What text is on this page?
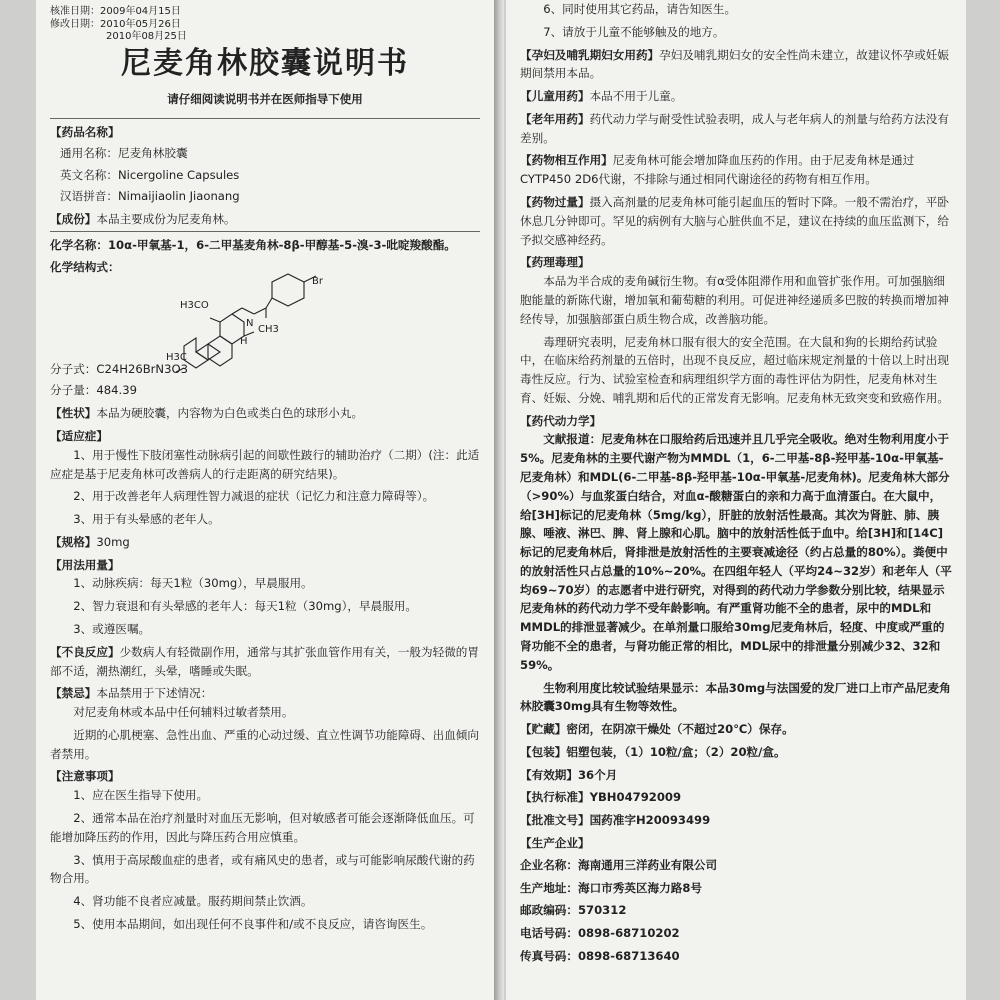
核准日期：2009年04月15日
修改日期：2010年05月26日
2010年08月25日
尼麦角林胶囊说明书
请仔细阅读说明书并在医师指导下使用
【药品名称】
通用名称：尼麦角林胶囊
英文名称：Nicergoline Capsules
汉语拼音：Nimaijiaolin Jiaonang
【成份】本品主要成份为尼麦角林。
化学名称：10α-甲氧基-1，6-二甲基麦角林-8β-甲醇基-5-溴-3-吡啶羧酸酯。
化学结构式：
Br
H3CO
N
CH3
H
H3C
分子式：C24H26BrN3O3
分子量：484.39
【性状】本品为硬胶囊，内容物为白色或类白色的球形小丸。
【适应症】
1、用于慢性下肢闭塞性动脉病引起的间歇性跛行的辅助治疗（二期）(注：此适应症是基于尼麦角林可改善病人的行走距离的研究结果)。
2、用于改善老年人病理性智力减退的症状（记忆力和注意力障碍等）。
3、用于有头晕感的老年人。
【规格】30mg
【用法用量】
1、动脉疾病：每天1粒（30mg），早晨服用。
2、智力衰退和有头晕感的老年人：每天1粒（30mg），早晨服用。
3、或遵医嘱。
【不良反应】少数病人有轻微副作用，通常与其扩张血管作用有关，一般为轻微的胃部不适，潮热潮红，头晕，嗜睡或失眠。
【禁忌】本品禁用于下述情况：
对尼麦角林或本品中任何辅料过敏者禁用。
近期的心肌梗塞、急性出血、严重的心动过缓、直立性调节功能障碍、出血倾向者禁用。
【注意事项】
1、应在医生指导下使用。
2、通常本品在治疗剂量时对血压无影响，但对敏感者可能会逐渐降低血压。可能增加降压药的作用，因此与降压药合用应慎重。
3、慎用于高尿酸血症的患者，或有痛风史的患者，或与可能影响尿酸代谢的药物合用。
4、肾功能不良者应减量。服药期间禁止饮酒。
5、使用本品期间，如出现任何不良事件和/或不良反应，请咨询医生。
6、同时使用其它药品，请告知医生。
7、请放于儿童不能够触及的地方。
【孕妇及哺乳期妇女用药】孕妇及哺乳期妇女的安全性尚未建立，故建议怀孕或妊娠期间禁用本品。
【儿童用药】本品不用于儿童。
【老年用药】药代动力学与耐受性试验表明，成人与老年病人的剂量与给药方法没有差别。
【药物相互作用】尼麦角林可能会增加降血压药的作用。由于尼麦角林是通过CYTP450 2D6代谢，不排除与通过相同代谢途径的药物有相互作用。
【药物过量】摄入高剂量的尼麦角林可能引起血压的暂时下降。一般不需治疗，平卧休息几分钟即可。罕见的病例有大脑与心脏供血不足，建议在持续的血压监测下，给予拟交感神经药。
【药理毒理】
本品为半合成的麦角碱衍生物。有α受体阻滞作用和血管扩张作用。可加强脑细胞能量的新陈代谢，增加氧和葡萄糖的利用。可促进神经递质多巴胺的转换而增加神经传导，加强脑部蛋白质生物合成，改善脑功能。
毒理研究表明，尼麦角林口服有很大的安全范围。在大鼠和狗的长期给药试验中，在临床给药剂量的五倍时，出现不良反应，超过临床规定剂量的十倍以上时出现毒性反应。行为、试验室检查和病理组织学方面的毒性评估为阴性，尼麦角林对生育、妊娠、分娩、哺乳期和后代的正常发育无影响。尼麦角林无致突变和致癌作用。
【药代动力学】
文献报道：尼麦角林在口服给药后迅速并且几乎完全吸收。绝对生物利用度小于5%。尼麦角林的主要代谢产物为MMDL（1，6-二甲基-8β-羟甲基-10α-甲氧基-尼麦角林）和MDL(6-二甲基-8β-羟甲基-10α-甲氧基-尼麦角林)。尼麦角林大部分（>90%）与血浆蛋白结合，对血α-酸糖蛋白的亲和力高于血清蛋白。在大鼠中，给[3H]标记的尼麦角林（5mg/kg），肝脏的放射活性最高。其次为肾脏、肺、胰腺、唾液、淋巴、脾、肾上腺和心肌。脑中的放射活性低于血中。给[3H]和[14C]标记的尼麦角林后，肾排泄是放射活性的主要衰减途径（约占总量的80%）。粪便中的放射活性只占总量的10%~20%。在四组年轻人（平均24~32岁）和老年人（平均69~70岁）的志愿者中进行研究，对得到的药代动力学参数分别比较，结果显示尼麦角林的药代动力学不受年龄影响。有严重肾功能不全的患者，尿中的MDL和MMDL的排泄显著减少。在单剂量口服给30mg尼麦角林后，轻度、中度或严重的肾功能不全的患者，与肾功能正常的相比，MDL尿中的排泄量分别减少32、32和59%。
生物利用度比较试验结果显示：本品30mg与法国爱的发厂进口上市产品尼麦角林胶囊30mg具有生物等效性。
【贮藏】密闭，在阴凉干燥处（不超过20℃）保存。
【包装】铝塑包装，（1）10粒/盒；（2）20粒/盒。
【有效期】36个月
【执行标准】YBH04792009
【批准文号】国药准字H20093499
【生产企业】
企业名称：海南通用三洋药业有限公司
生产地址：海口市秀英区海力路8号
邮政编码：570312
电话号码：0898-68710202
传真号码：0898-68713640
